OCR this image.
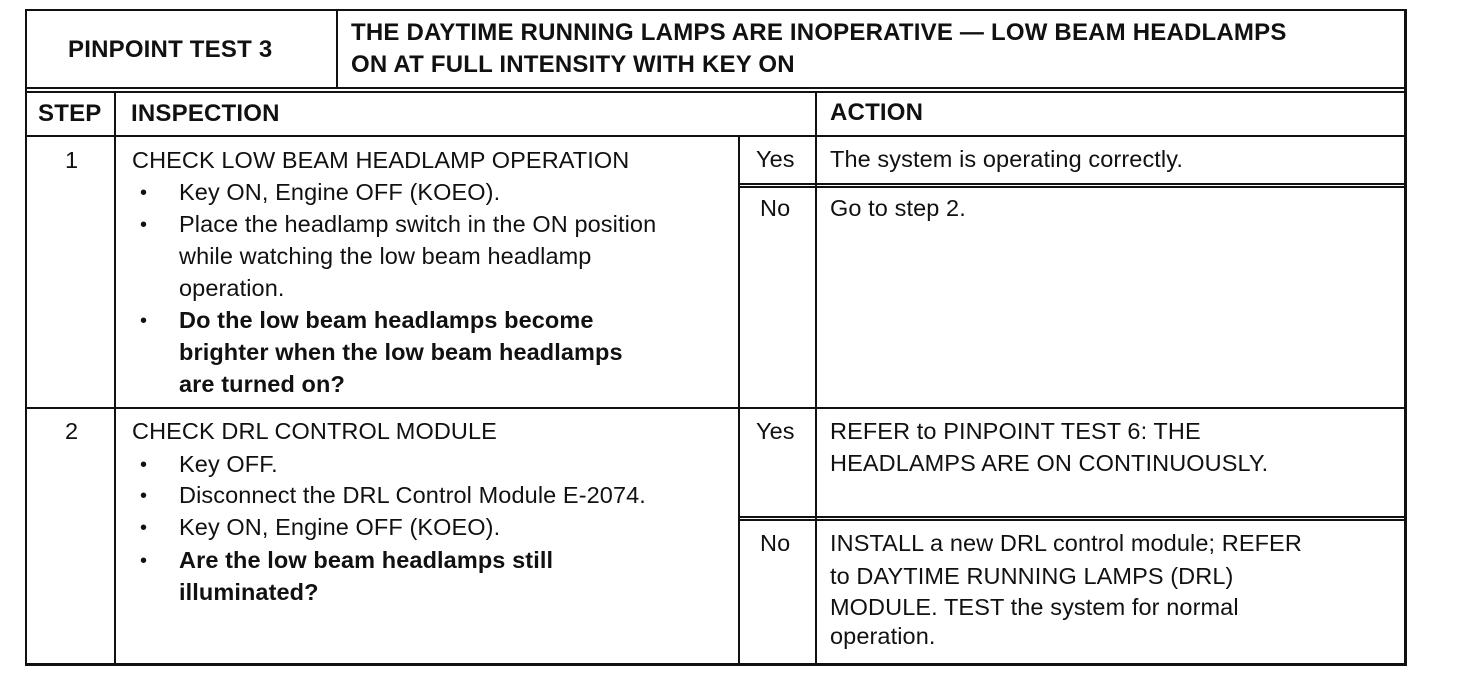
PINPOINT TEST 3
THE DAYTIME RUNNING LAMPS ARE INOPERATIVE — LOW BEAM HEADLAMPS
ON AT FULL INTENSITY WITH KEY ON
STEP INSPECTION	ACTION
1 CHECK LOW BEAM HEADLAMP OPERATION
• Key ON, Engine OFF (KOEO).
• Place the headlamp switch in the ON position
while watching the low beam headlamp
operation.
• Do the low beam headlamps become
brighter when the low beam headlamps
are turned on?
Yes The system is operating correctly.
No Go to step 2.
2 CHECK DRL CONTROL MODULE
• Key OFF.
• Disconnect the DRL Control Module E-2074.
• Key ON, Engine OFF (KOEO).
• Are the low beam headlamps still
illuminated?
Yes REFER to PINPOINT TEST 6: THE
HEADLAMPS ARE ON CONTINUOUSLY.
No INSTALL a new DRL control module; REFER
to DAYTIME RUNNING LAMPS (DRL)
MODULE. TEST the system for normal
operation.
